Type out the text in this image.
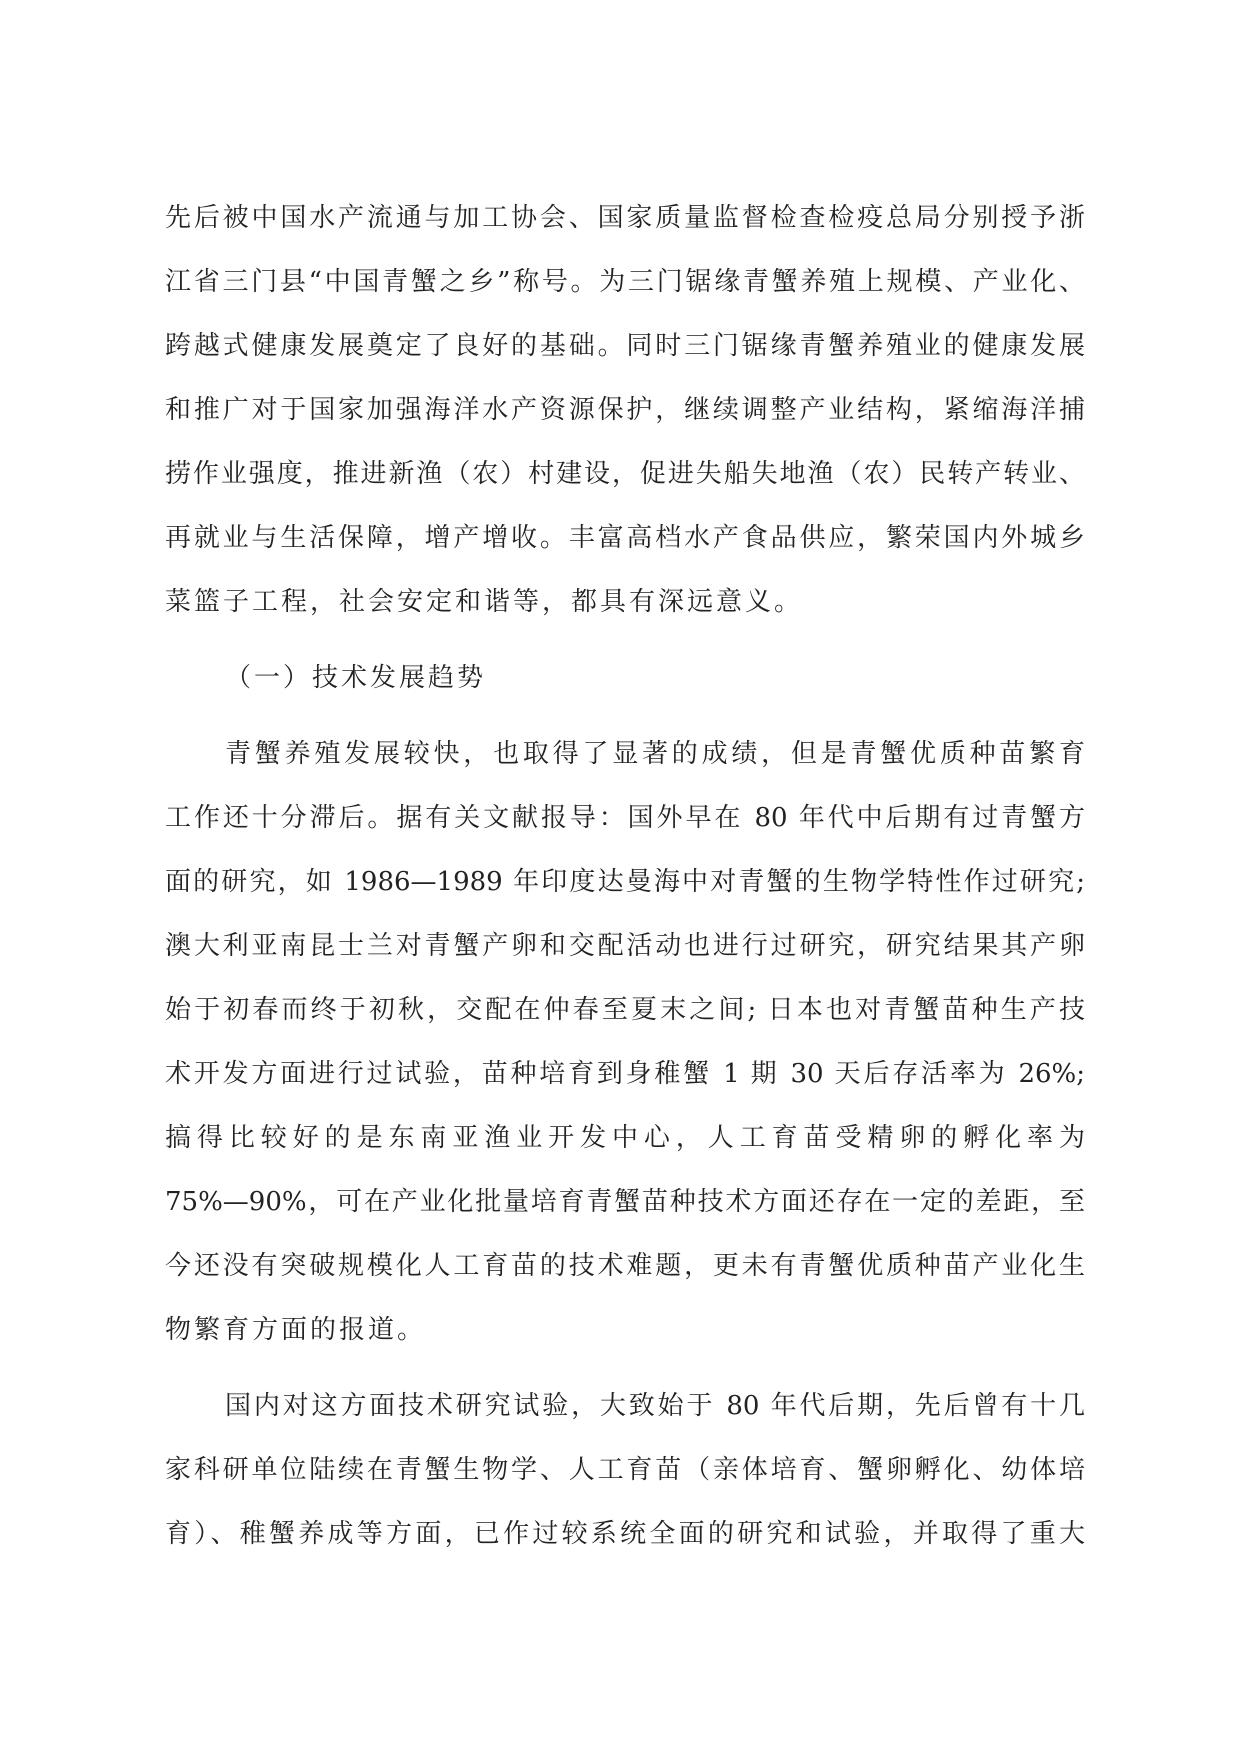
先后被中国水产流通与加工协会、国家质量监督检查检疫总局分别授予浙
江省三门县“中国青蟹之乡”称号。为三门锯缘青蟹养殖上规模、产业化、
跨越式健康发展奠定了良好的基础。同时三门锯缘青蟹养殖业的健康发展
和推广对于国家加强海洋水产资源保护，继续调整产业结构，紧缩海洋捕
捞作业强度，推进新渔（农）村建设，促进失船失地渔（农）民转产转业、
再就业与生活保障，增产增收。丰富高档水产食品供应，繁荣国内外城乡
菜篮子工程，社会安定和谐等，都具有深远意义。
（一）技术发展趋势
青蟹养殖发展较快，也取得了显著的成绩，但是青蟹优质种苗繁育
工作还十分滞后。据有关文献报导：国外早在 80 年代中后期有过青蟹方
面的研究，如 1986—1989 年印度达曼海中对青蟹的生物学特性作过研究;
澳大利亚南昆士兰对青蟹产卵和交配活动也进行过研究，研究结果其产卵
始于初春而终于初秋，交配在仲春至夏末之间; 日本也对青蟹苗种生产技
术开发方面进行过试验，苗种培育到身稚蟹 1 期 30 天后存活率为 26%;
搞得比较好的是东南亚渔业开发中心，人工育苗受精卵的孵化率为
75%—90%，可在产业化批量培育青蟹苗种技术方面还存在一定的差距，至
今还没有突破规模化人工育苗的技术难题，更未有青蟹优质种苗产业化生
物繁育方面的报道。
国内对这方面技术研究试验，大致始于 80 年代后期，先后曾有十几
家科研单位陆续在青蟹生物学、人工育苗（亲体培育、蟹卵孵化、幼体培
育）、稚蟹养成等方面，已作过较系统全面的研究和试验，并取得了重大
